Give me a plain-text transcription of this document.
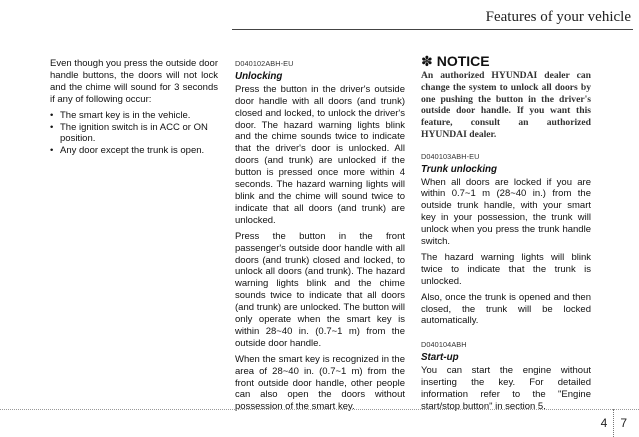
Features of your vehicle

Even though you press the outside door handle buttons, the doors will not lock and the chime will sound for 3 seconds if any of following occur:

• The smart key is in the vehicle.
• The ignition switch is in ACC or ON position.
• Any door except the trunk is open.
D040102ABH-EU
Unlocking

Press the button in the driver's outside door handle with all doors (and trunk) closed and locked, to unlock the driver's door. The hazard warning lights blink and the chime sounds twice to indicate that the driver's door is unlocked. All doors (and trunk) are unlocked if the button is pressed once more within 4 seconds. The hazard warning lights will blink and the chime will sound twice to indicate that all doors (and trunk) are unlocked.

Press the button in the front passenger's outside door handle with all doors (and trunk) closed and locked, to unlock all doors (and trunk). The hazard warning lights blink and the chime sounds twice to indicate that all doors (and trunk) are unlocked. The button will only operate when the smart key is within 28~40 in. (0.7~1 m) from the outside door handle.

When the smart key is recognized in the area of 28~40 in. (0.7~1 m) from the front outside door handle, other people can also open the doors without possession of the smart key.

✽ NOTICE
An authorized HYUNDAI dealer can change the system to unlock all doors by one pushing the button in the driver's outside door handle. If you want this feature, consult an authorized HYUNDAI dealer.
D040103ABH-EU
Trunk unlocking

When all doors are locked if you are within 0.7~1 m (28~40 in.) from the outside trunk handle, with your smart key in your possession, the trunk will unlock when you press the trunk handle switch.

The hazard warning lights will blink twice to indicate that the trunk is unlocked.

Also, once the trunk is opened and then closed, the trunk will be locked automatically.

D040104ABH
Start-up

You can start the engine without inserting the key. For detailed information refer to the "Engine start/stop button" in section 5.

4 7
